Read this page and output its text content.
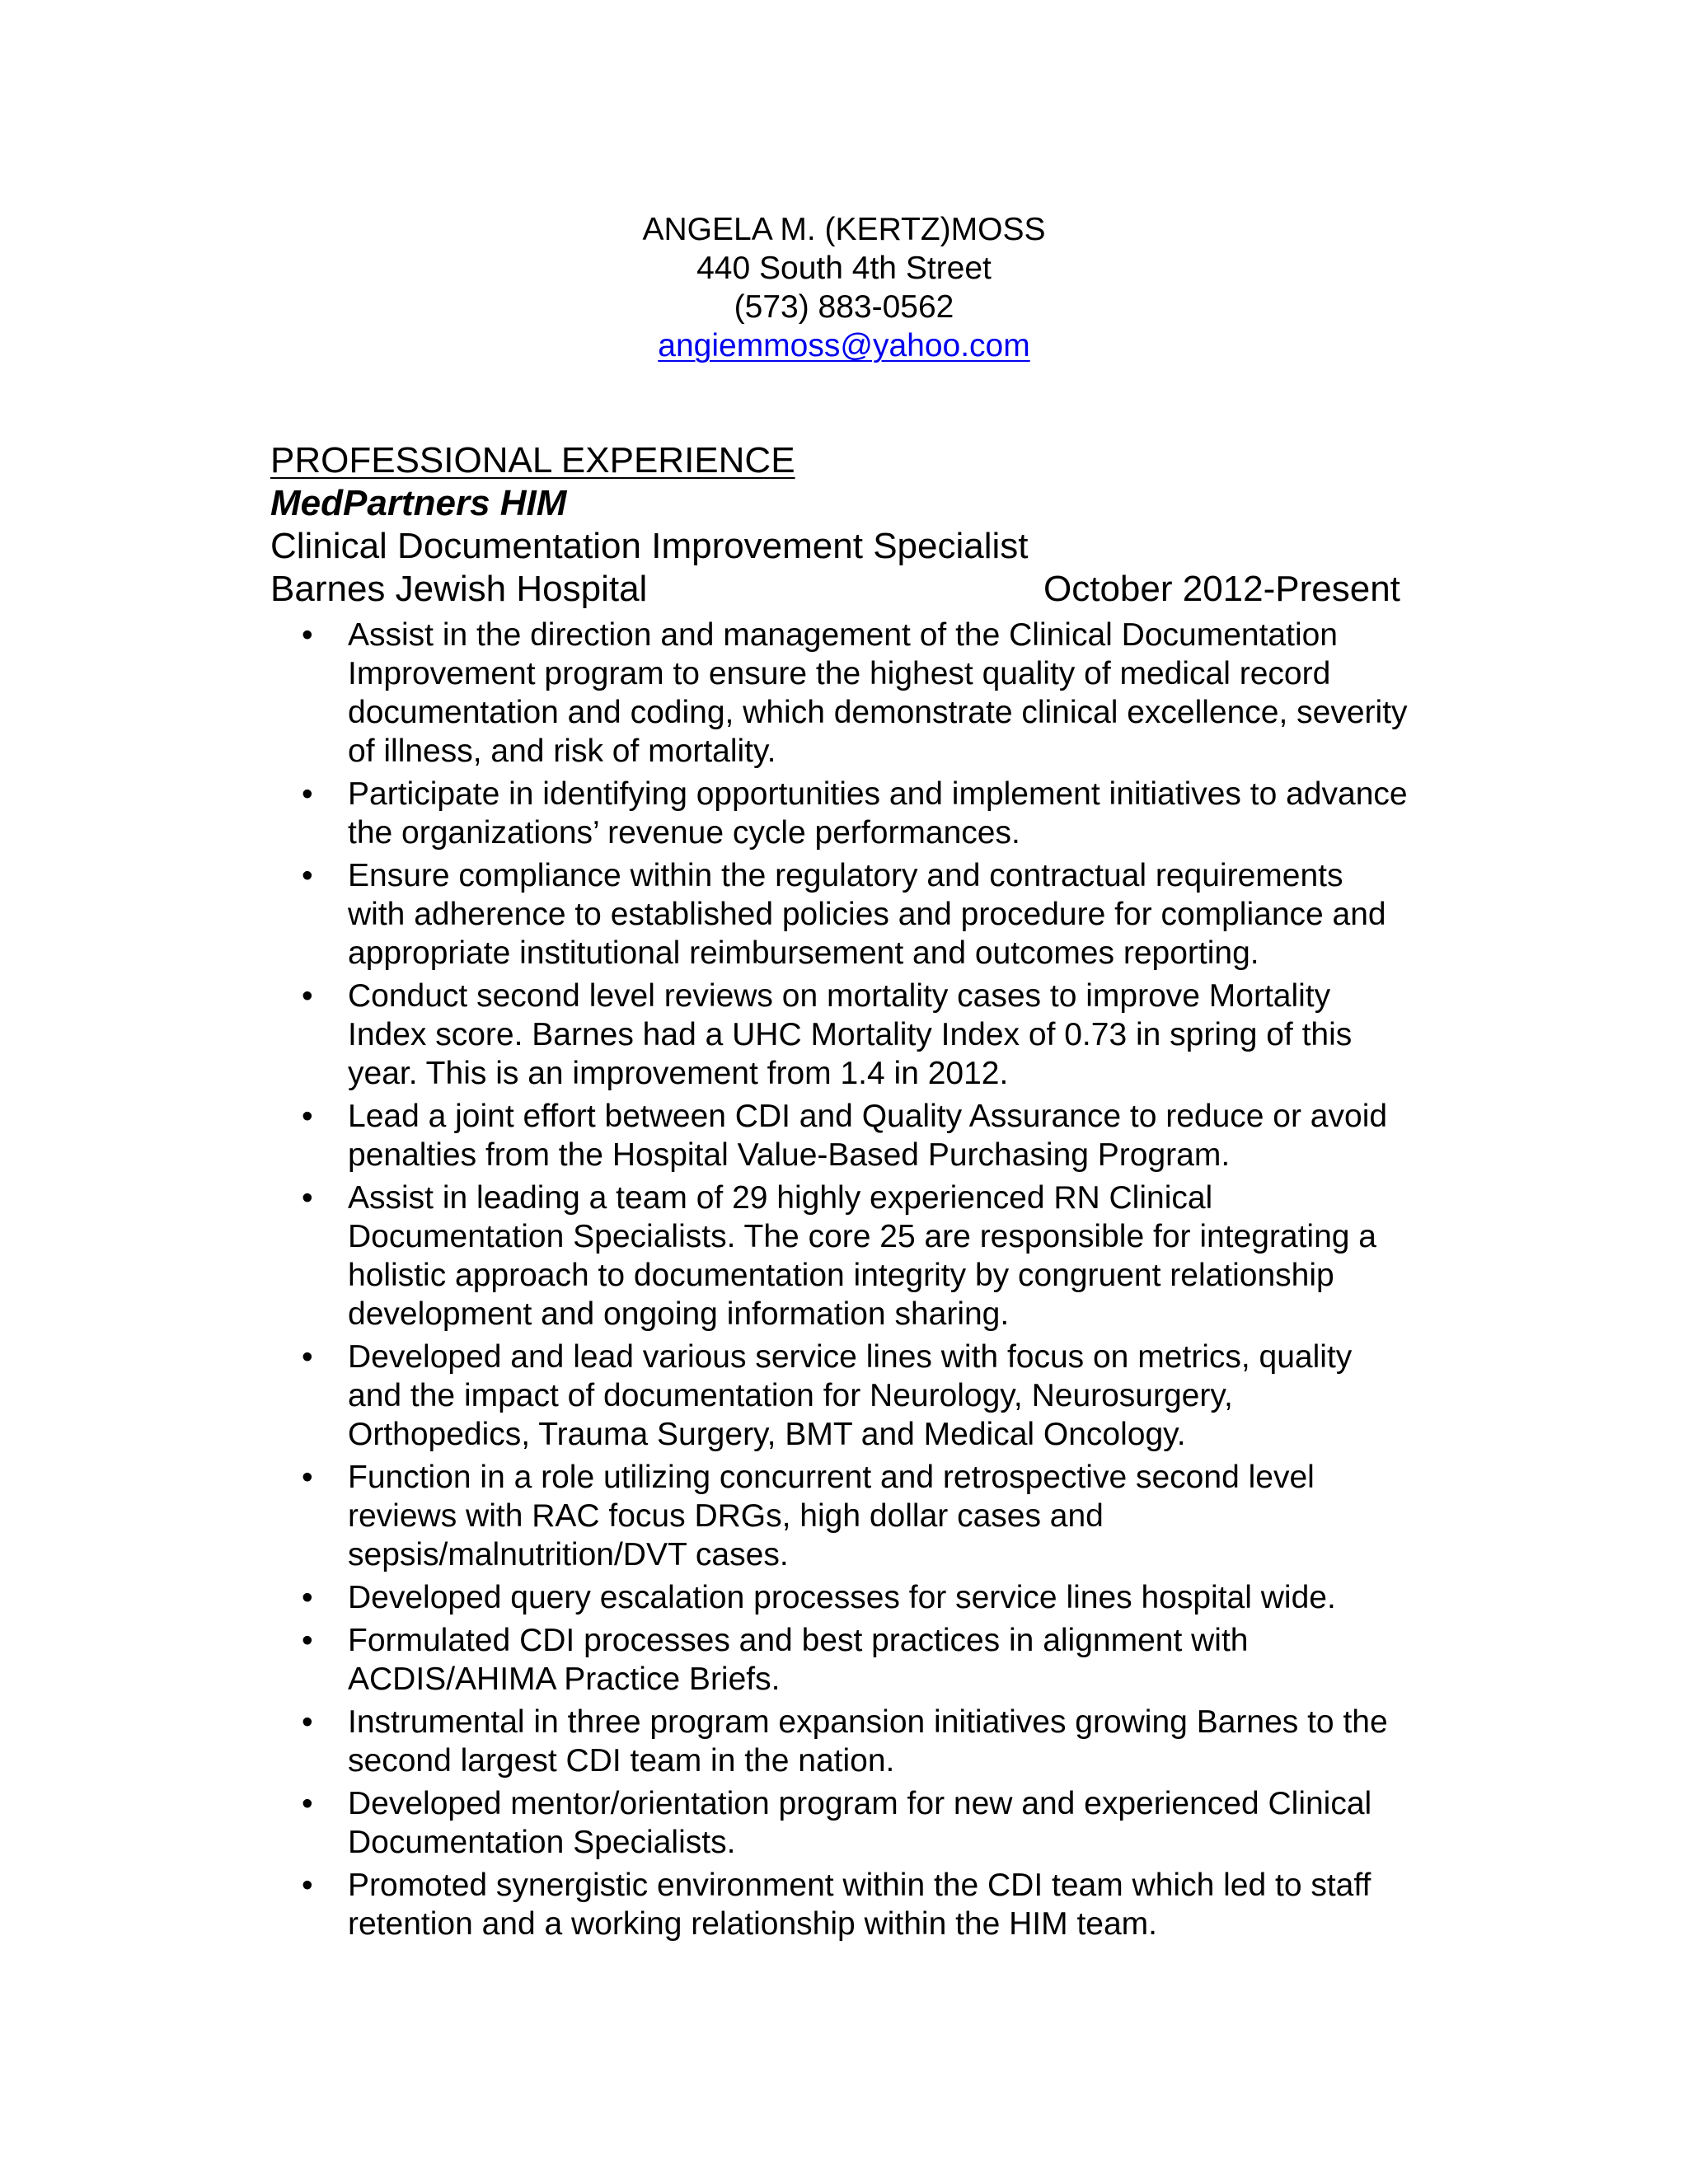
ANGELA M. (KERTZ)MOSS
440 South 4th Street
(573) 883-0562
angiemmoss@yahoo.com
PROFESSIONAL EXPERIENCE
MedPartners HIM
Clinical Documentation Improvement Specialist
Barnes Jewish Hospital	October 2012-Present
• Assist in the direction and management of the Clinical Documentation
Improvement program to ensure the highest quality of medical record
documentation and coding, which demonstrate clinical excellence, severity
of illness, and risk of mortality.
• Participate in identifying opportunities and implement initiatives to advance
the organizations’ revenue cycle performances.
• Ensure compliance within the regulatory and contractual requirements
with adherence to established policies and procedure for compliance and
appropriate institutional reimbursement and outcomes reporting.
• Conduct second level reviews on mortality cases to improve Mortality
Index score. Barnes had a UHC Mortality Index of 0.73 in spring of this
year. This is an improvement from 1.4 in 2012.
• Lead a joint effort between CDI and Quality Assurance to reduce or avoid
penalties from the Hospital Value-Based Purchasing Program.
• Assist in leading a team of 29 highly experienced RN Clinical
Documentation Specialists. The core 25 are responsible for integrating a
holistic approach to documentation integrity by congruent relationship
development and ongoing information sharing.
• Developed and lead various service lines with focus on metrics, quality
and the impact of documentation for Neurology, Neurosurgery,
Orthopedics, Trauma Surgery, BMT and Medical Oncology.
• Function in a role utilizing concurrent and retrospective second level
reviews with RAC focus DRGs, high dollar cases and
sepsis/malnutrition/DVT cases.
• Developed query escalation processes for service lines hospital wide.
• Formulated CDI processes and best practices in alignment with
ACDIS/AHIMA Practice Briefs.
• Instrumental in three program expansion initiatives growing Barnes to the
second largest CDI team in the nation.
• Developed mentor/orientation program for new and experienced Clinical
Documentation Specialists.
• Promoted synergistic environment within the CDI team which led to staff
retention and a working relationship within the HIM team.
